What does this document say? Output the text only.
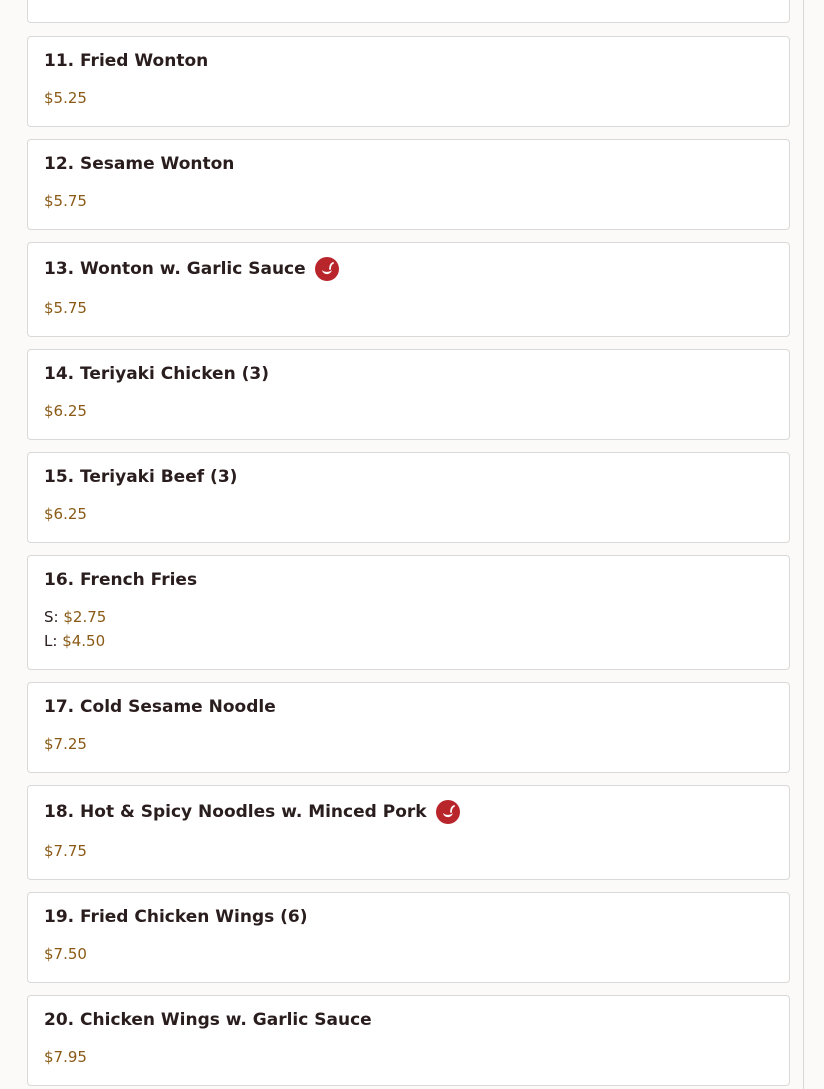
11. Fried Wonton
$5.25
12. Sesame Wonton
$5.75
13. Wonton w. Garlic Sauce
$5.75
14. Teriyaki Chicken (3)
$6.25
15. Teriyaki Beef (3)
$6.25
16. French Fries
S: $2.75
L: $4.50
17. Cold Sesame Noodle
$7.25
18. Hot & Spicy Noodles w. Minced Pork
$7.75
19. Fried Chicken Wings (6)
$7.50
20. Chicken Wings w. Garlic Sauce
$7.95
